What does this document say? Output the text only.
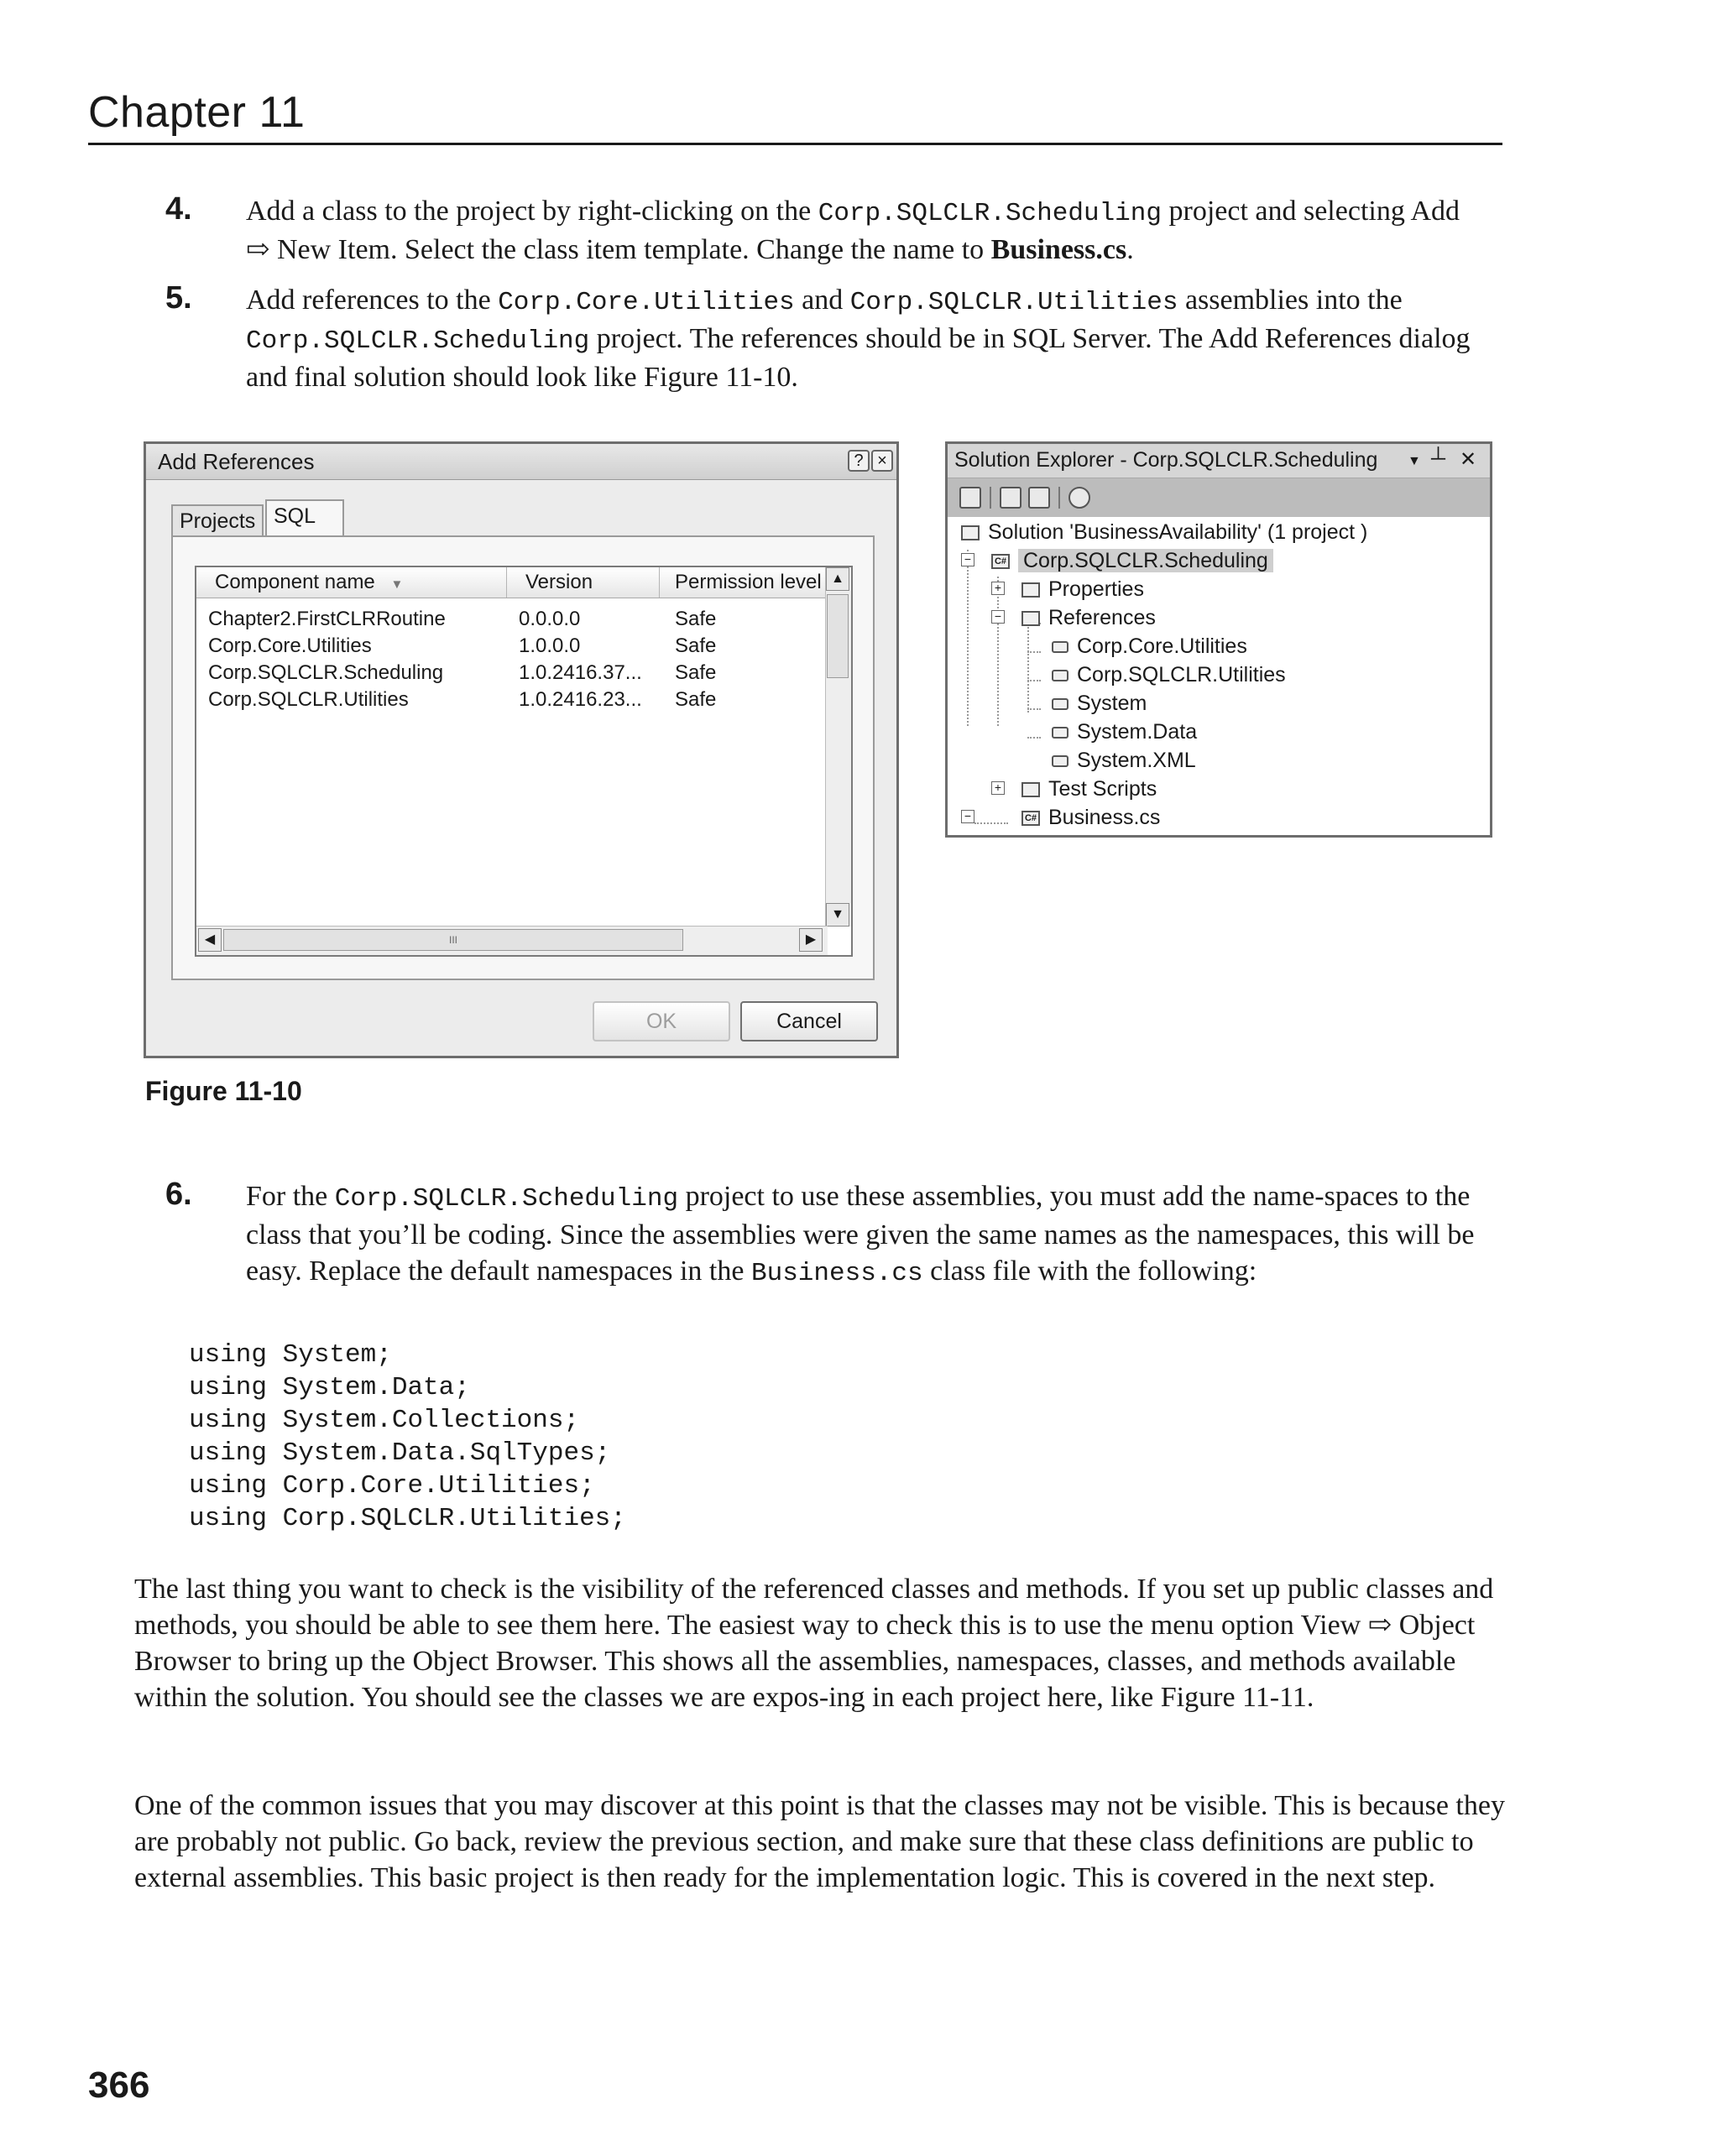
Chapter 11
4. Add a class to the project by right-clicking on the Corp.SQLCLR.Scheduling project and selecting Add ⇨ New Item. Select the class item template. Change the name to Business.cs.
5. Add references to the Corp.Core.Utilities and Corp.SQLCLR.Utilities assemblies into the Corp.SQLCLR.Scheduling project. The references should be in SQL Server. The Add References dialog and final solution should look like Figure 11-10.
Add References	? ×
Projects SQL
Component name ▼	Version	Permission level
Chapter2.FirstCLRRoutine	0.0.0.0	Safe
Corp.Core.Utilities	1.0.0.0	Safe
Corp.SQLCLR.Scheduling	1.0.2416.37... Safe
Corp.SQLCLR.Utilities	1.0.2416.23... Safe
▲
▼
◀	III	▶
OK	Cancel
Solution Explorer - Corp.SQLCLR.Scheduling ▼ ┴ ✕
Solution 'BusinessAvailability' (1 project )
−	C# Corp.SQLCLR.Scheduling
+	Properties
−	References
Corp.Core.Utilities
Corp.SQLCLR.Utilities
System
System.Data
System.XML
+	Test Scripts
−	C# Business.cs
Figure 11-10
6. For the Corp.SQLCLR.Scheduling project to use these assemblies, you must add the name-spaces to the class that you’ll be coding. Since the assemblies were given the same names as the namespaces, this will be easy. Replace the default namespaces in the Business.cs class file with the following:
using System;
using System.Data;
using System.Collections;
using System.Data.SqlTypes;
using Corp.Core.Utilities;
using Corp.SQLCLR.Utilities;

The last thing you want to check is the visibility of the referenced classes and methods. If you set up public classes and methods, you should be able to see them here. The easiest way to check this is to use the menu option View ⇨ Object Browser to bring up the Object Browser. This shows all the assemblies, namespaces, classes, and methods available within the solution. You should see the classes we are expos-ing in each project here, like Figure 11-11.

One of the common issues that you may discover at this point is that the classes may not be visible. This is because they are probably not public. Go back, review the previous section, and make sure that these class definitions are public to external assemblies. This basic project is then ready for the implementation logic. This is covered in the next step.

366
